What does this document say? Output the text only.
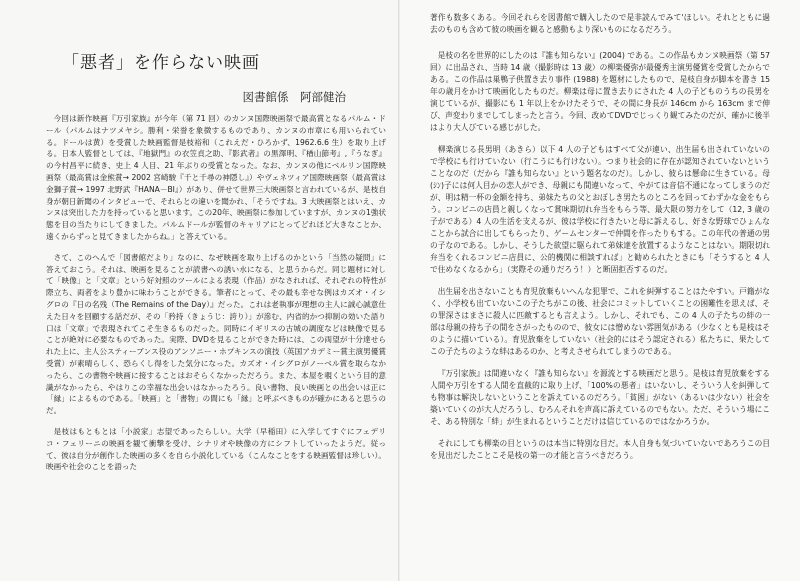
「悪者」を作らない映画
図書館係　阿部健治

今回は新作映画『万引家族』が今年（第 71 回）のカンヌ国際映画祭で最高賞となるパルム・ドール（パルムはナツメヤシ。勝利・栄誉を象徴するものであり、カンヌの市章にも用いられている。ドールは黄）を受賞した映画監督是枝裕和（これえだ・ひろかず、1962.6.6 生）を取り上げる。日本人監督としては、『地獄門』の衣笠貞之助、『影武者』の黒澤明、『楢山節考』,『うなぎ』の今村昌平に続き、史上 4 人目、21 年ぶりの受賞となった。なお、カンヌの他にベルリン国際映画祭（最高賞は金熊賞→ 2002 宮崎駿『千と千尋の神隠し』）やヴェネツィア国際映画祭（最高賞は金獅子賞→ 1997 北野武『HANA－BI』）があり、併せて世界三大映画祭と言われているが、是枝自身が朝日新聞のインタビューで、それらとの違いを聞かれ、「そうですね。3 大映画祭とはいえ、カンヌは突出した力を持っていると思います。この20年、映画祭に参加していますが、カンヌの1強状態を目の当たりにしてきました。パルムドールが監督のキャリアにとってどれほど大きなことか、遠くからずっと見てきましたからね。」と答えている。

さて、このへんで「図書館だより」なのに、なぜ映画を取り上げるのかという「当然の疑問」に答えておこう。それは、映画を見ることが読書への誘い水になる、と思うからだ。同じ題材に対して「映像」と「文章」という好対照のツールによる表現（作品）がなされれば、それぞれの特性が際立ち、両者をより豊かに味わうことができる。筆者にとって、その最も幸せな例はカズオ・イシグロの『日の名残（The Remains of the Day）』だった。これは老執事が理想の主人に誠心誠意仕えた日々を回顧する話だが、その「矜持（きょうじ：誇り）」が滲む、内省的かつ抑制の効いた語り口は「文章」で表現されてこそ生きるものだった。同時にイギリスの古城の調度などは映像で見ることが絶対に必要なものであった。実際、DVDを見ることができた時には、この両望が十分達せられた上に、主人公スティーブンス役のアンソニー・ホプキンスの演技（英国アカデミー賞主演男優賞受賞）が素晴らしく、恐らくし得をした気分になった。カズオ・イシグロがノーベル賞を取らなかったら、この書物や映画に接することはおそらくなかっただろう。また、本屋を覗くという目的意識がなかったら、やはりこの幸福な出会いはなかったろう。良い書物、良い映画との出会いは正に「縁」によるものである。「映画」と「書物」の間にも「縁」と呼ぶべきものが確かにあると思うのだ。

是枝はもともとは「小説家」志望であったらしい。大学（早稲田）に入学してすぐにフェデリコ・フェリーニの映画を観て衝撃を受け、シナリオや映像の方にシフトしていったようだ。従って、彼は自分が創作した映画の多くを自ら小説化している（こんなことをする映画監督は珍しい）。映画や社会のことを語った

著作も数多くある。今回それらを図書館で購入したので是非読んでみて'ほしい。それとともに過去のものも含めて彼の映画を観ると感動もより深いものになるだろう。

是枝の名を世界的にしたのは『誰も知らない』(2004) である。この作品もカンヌ映画祭（第 57 回）に出品され、当時 14 歳（撮影時は 13 歳）の柳楽優弥が最優秀主演男優賞を受賞したからである。この作品は巣鴨子供置き去り事件 (1988) を題材にしたもので、是枝自身が脚本を書き 15 年の歳月をかけて映画化したものだ。柳楽は母に置き去りにされた 4 人の子どものうちの長男を演じているが、撮影にも 1 年以上をかけたそうで、その間に身長が 146cm から 163cm まで伸び、声変わりまでしてしまったと言う。今回、改めてDVDでじっくり観てみたのだが、確かに後半はより大人びている感じがした。

柳楽演じる長男明（あきら）以下 4 人の子どもはすべて父が違い、出生届も出されていないので学校にも行けていない（行こうにも行けない）。つまり社会的に存在が認知されていないということなのだ（だから『誰も知らない』という題名なのだ）。しかし、彼らは懸命に生きている。母(ｼﾝ)子には何人目かの恋人ができ、母親にも間違いなって、やがては音信不通になってしまうのだが、明は精一杯の金額を持ち、弟妹たちの父とおぼしき男たちのところを回ってわずかな金をもらう。コンビニの店員と親しくなって賞味期切れ弁当をもらう等、最大限の努力をして（12, 3 歳の子がである）4 人の生活を支えるが、彼は学校に行きたいと母に訴えるし、好きな野球でひょんなことから試合に出してもらったり、ゲームセンターで仲間を作ったりもする。この年代の普通の男の子なのである。しかし、そうした欲望に駆られて弟妹達を放置するようなことはない。期限切れ弁当をくれるコンビニ店員に、公的機関に相談すれば」と勧められたときにも「そうすると 4 人で住めなくなるから」（実際その通りだろう！）と断固拒否するのだ。

出生届を出さないことも育児放棄もいへんな犯罪で、これを糾弾することはたやすい。戸籍がなく、小学校も出ていないこの子たちがこの後、社会にコミットしていくことの困難性を思えば、その罪深さはまさに殺人に匹敵するとも言えよう。しかし、それでも、この 4 人の子たちの絆の一部は母親の持ち子の間をさがったものので、彼女には憎めない雰囲気がある（少なくとも是枝はそのように描いている）。育児放棄をしていない（社会的にはそう認定される）私たちに、果たしてこの子たちのような絆はあるのか、と考えさせられてしまうのである。

『万引家族』は間違いなく『誰も知らない』を源流とする映画だと思う。是枝は育児放棄をする人間や万引をする人間を直截的に取り上げ、「100%の悪者」はいないし、そういう人を糾弾しても物事は解決しないということを訴えているのだろう。「貧困」がない（あるいは少ない）社会を築いていくのが大人だろうし、むろんそれを声高に訴えているのでもない。ただ、そういう場にこそ、ある特別な「絆」が生まれるということだけは信じているのではなかろうか。

それにしても柳楽の目というのは本当に特別な目だ。本人自身も気づいていないであろうこの目を見出だしたことこそ是枝の第一の才能と言うべきだろう。
